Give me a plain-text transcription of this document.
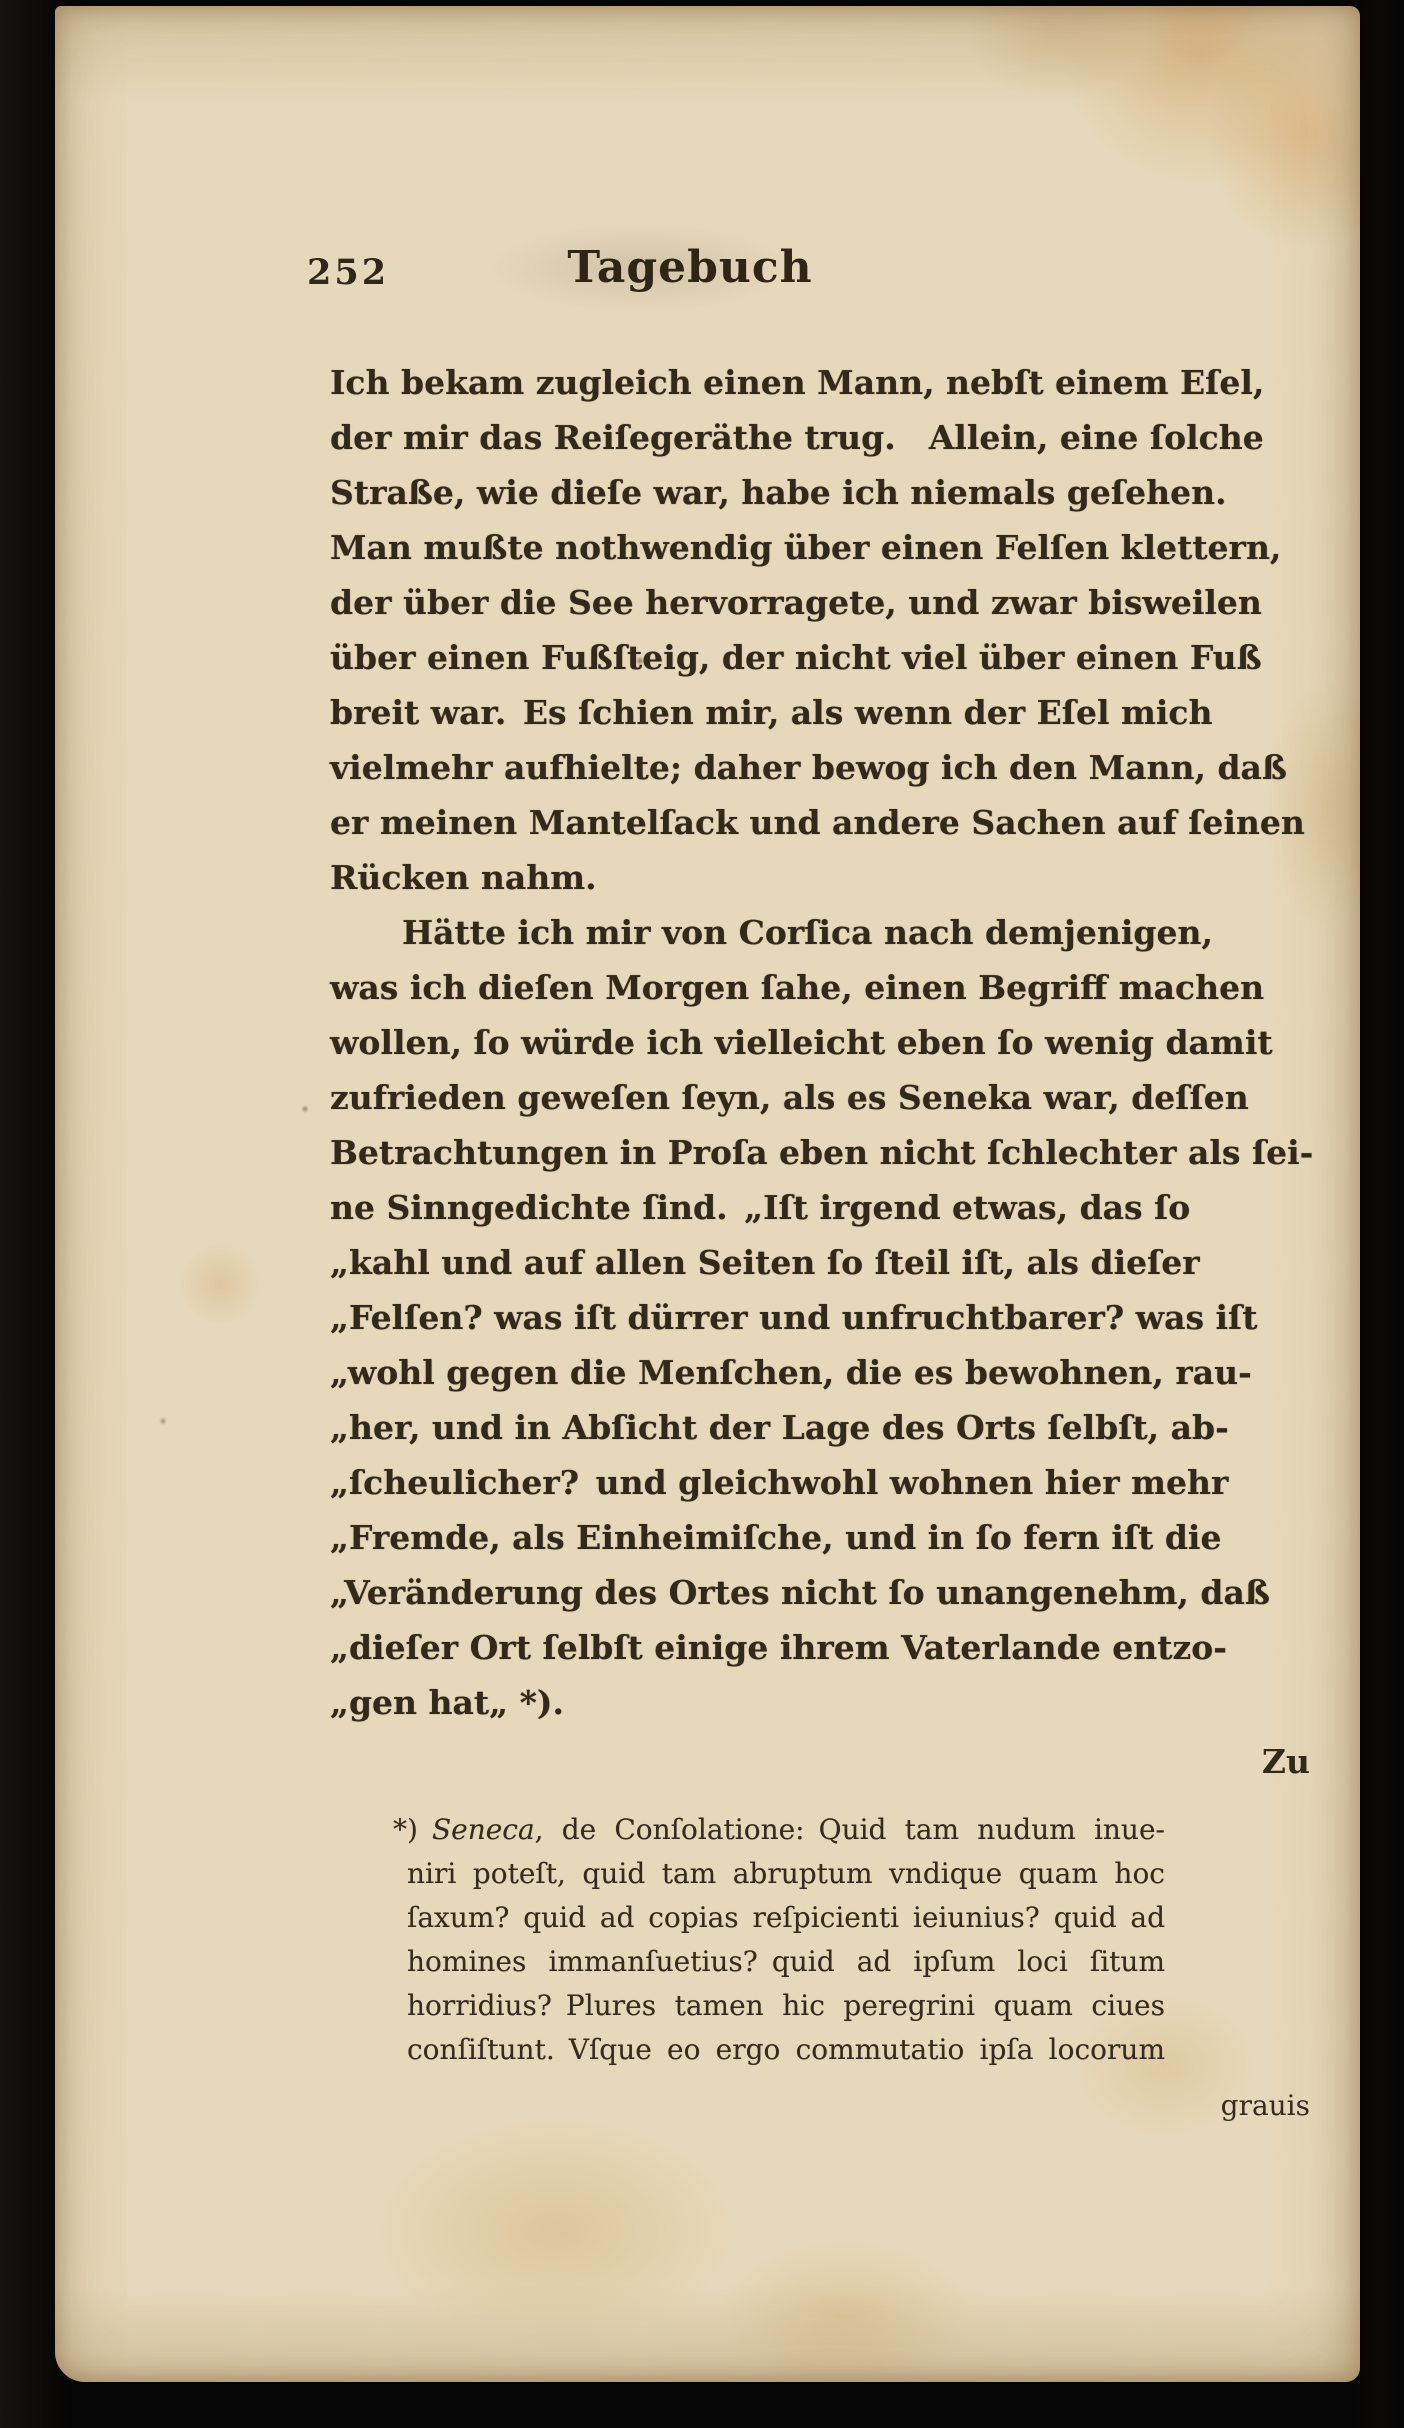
252	Tagebuch
Ich bekam zugleich einen Mann, nebſt einem Eſel,
der mir das Reiſegeräthe trug.  Allein, eine ſolche
Straße, wie dieſe war, habe ich niemals geſehen.
Man mußte nothwendig über einen Felſen klettern,
der über die See hervorragete, und zwar bisweilen
über einen Fußſteig, der nicht viel über einen Fuß
breit war. Es ſchien mir, als wenn der Eſel mich
vielmehr aufhielte; daher bewog ich den Mann, daß
er meinen Mantelſack und andere Sachen auf ſeinen
Rücken nahm.
Hätte ich mir von Corſica nach demjenigen,
was ich dieſen Morgen ſahe, einen Begriff machen
wollen, ſo würde ich vielleicht eben ſo wenig damit
zufrieden geweſen ſeyn, als es Seneka war, deſſen
Betrachtungen in Proſa eben nicht ſchlechter als ſei-
ne Sinngedichte ſind. „Iſt irgend etwas, das ſo
„kahl und auf allen Seiten ſo ſteil iſt, als dieſer
„Felſen? was iſt dürrer und unfruchtbarer? was iſt
„wohl gegen die Menſchen, die es bewohnen, rau-
„her, und in Abſicht der Lage des Orts ſelbſt, ab-
„ſcheulicher? und gleichwohl wohnen hier mehr
„Fremde, als Einheimiſche, und in ſo fern iſt die
„Veränderung des Ortes nicht ſo unangenehm, daß
„dieſer Ort ſelbſt einige ihrem Vaterlande entzo-
„gen hat„ *).
Zu
*) Seneca, de Conſolatione: Quid tam nudum inue-
niri poteſt, quid tam abruptum vndique quam hoc
ſaxum? quid ad copias reſpicienti ieiunius? quid ad
homines immanſuetius? quid ad ipſum loci ſitum
horridius? Plures tamen hic peregrini quam ciues
conſiſtunt. Vſque eo ergo commutatio ipſa locorum
grauis
